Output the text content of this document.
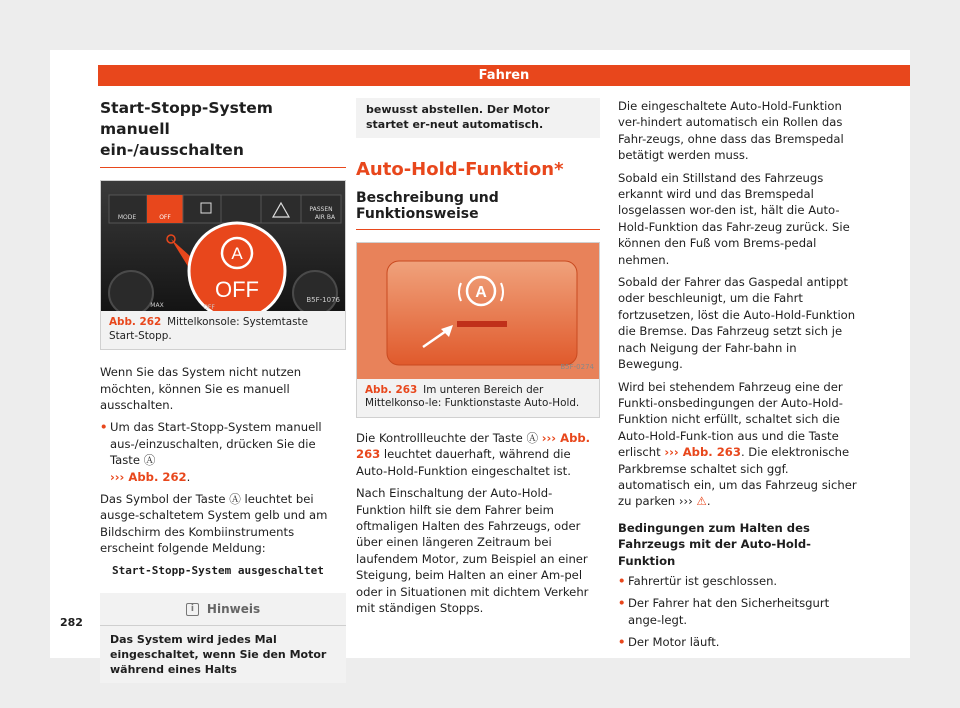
Fahren
Start-Stopp-System manuell
ein-/ausschalten
MODE	OFF
PASSEN
AIR BA
A
OFF
OFF
MAX
B5F-1076
Abb. 262 Mittelkonsole: Systemtaste Start-Stopp.

Wenn Sie das System nicht nutzen möchten, können Sie es manuell ausschalten.

• Um das Start-Stopp-System manuell aus-/einzuschalten, drücken Sie die Taste Ⓐ
››› Abb. 262.

Das Symbol der Taste Ⓐ leuchtet bei ausge-schaltetem System gelb und am Bildschirm des Kombiinstruments erscheint folgende Meldung:

Start-Stopp-System ausgeschaltet
i	Hinweis
Das System wird jedes Mal eingeschaltet, wenn Sie den Motor während eines Halts
bewusst abstellen. Der Motor startet er-neut automatisch.
Auto-Hold-Funktion*
Beschreibung und Funktionsweise
A
B5F-0274
Abb. 263 Im unteren Bereich der Mittelkonso-le: Funktionstaste Auto-Hold.

Die Kontrollleuchte der Taste Ⓐ ››› Abb. 263 leuchtet dauerhaft, während die Auto-Hold-Funktion eingeschaltet ist.

Nach Einschaltung der Auto-Hold-Funktion hilft sie dem Fahrer beim oftmaligen Halten des Fahrzeugs, oder über einen längeren Zeitraum bei laufendem Motor, zum Beispiel an einer Steigung, beim Halten an einer Am-pel oder in Situationen mit dichtem Verkehr mit ständigen Stopps.

Die eingeschaltete Auto-Hold-Funktion ver-hindert automatisch ein Rollen das Fahr-zeugs, ohne dass das Bremspedal betätigt werden muss.

Sobald ein Stillstand des Fahrzeugs erkannt wird und das Bremspedal losgelassen wor-den ist, hält die Auto-Hold-Funktion das Fahr-zeug zurück. Sie können den Fuß vom Brems-pedal nehmen.

Sobald der Fahrer das Gaspedal antippt oder beschleunigt, um die Fahrt fortzusetzen, löst die Auto-Hold-Funktion die Bremse. Das Fahrzeug setzt sich je nach Neigung der Fahr-bahn in Bewegung.

Wird bei stehendem Fahrzeug eine der Funkti-onsbedingungen der Auto-Hold-Funktion nicht erfüllt, schaltet sich die Auto-Hold-Funk-tion aus und die Taste erlischt ››› Abb. 263. Die elektronische Parkbremse schaltet sich ggf. automatisch ein, um das Fahrzeug sicher zu parken ››› ⚠.

Bedingungen zum Halten des Fahrzeugs mit der Auto-Hold-Funktion
• Fahrertür ist geschlossen.
• Der Fahrer hat den Sicherheitsgurt ange-legt.
• Der Motor läuft.
282
